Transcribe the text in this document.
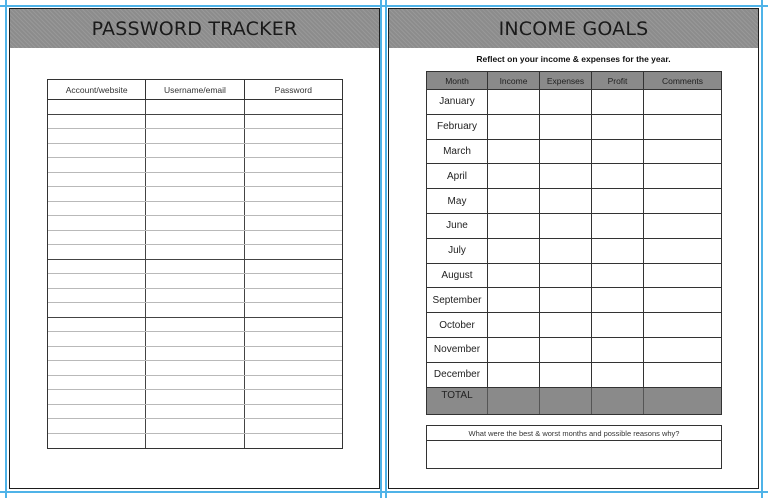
PASSWORD TRACKER
Account/website	Username/email	Password
INCOME GOALS
Reflect on your income & expenses for the year.
Month	Income	Expenses	Profit	Comments
January
February
March
April
May
June
July
August
September
October
November
December
TOTAL
What were the best & worst months and possible reasons why?
